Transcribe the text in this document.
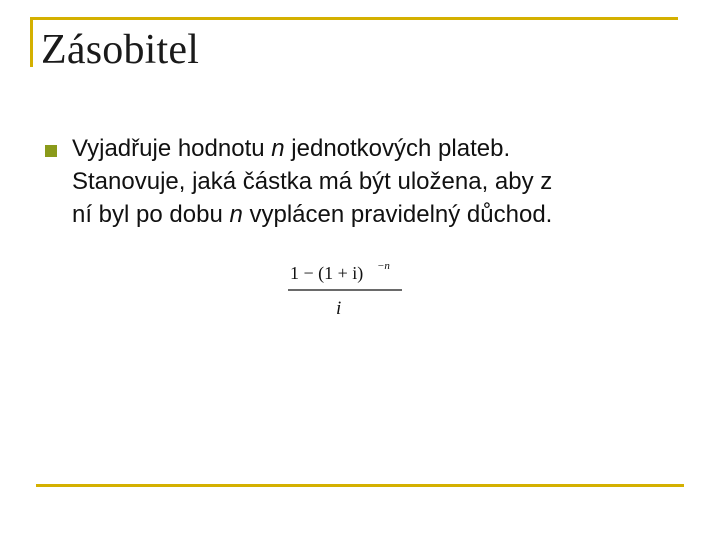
Zásobitel

Vyjadřuje hodnotu n jednotkových plateb.

Stanovuje, jaká částka má být uložena, aby z

ní byl po dobu n vyplácen pravidelný důchod.

1 − (1 + i) −n
i
